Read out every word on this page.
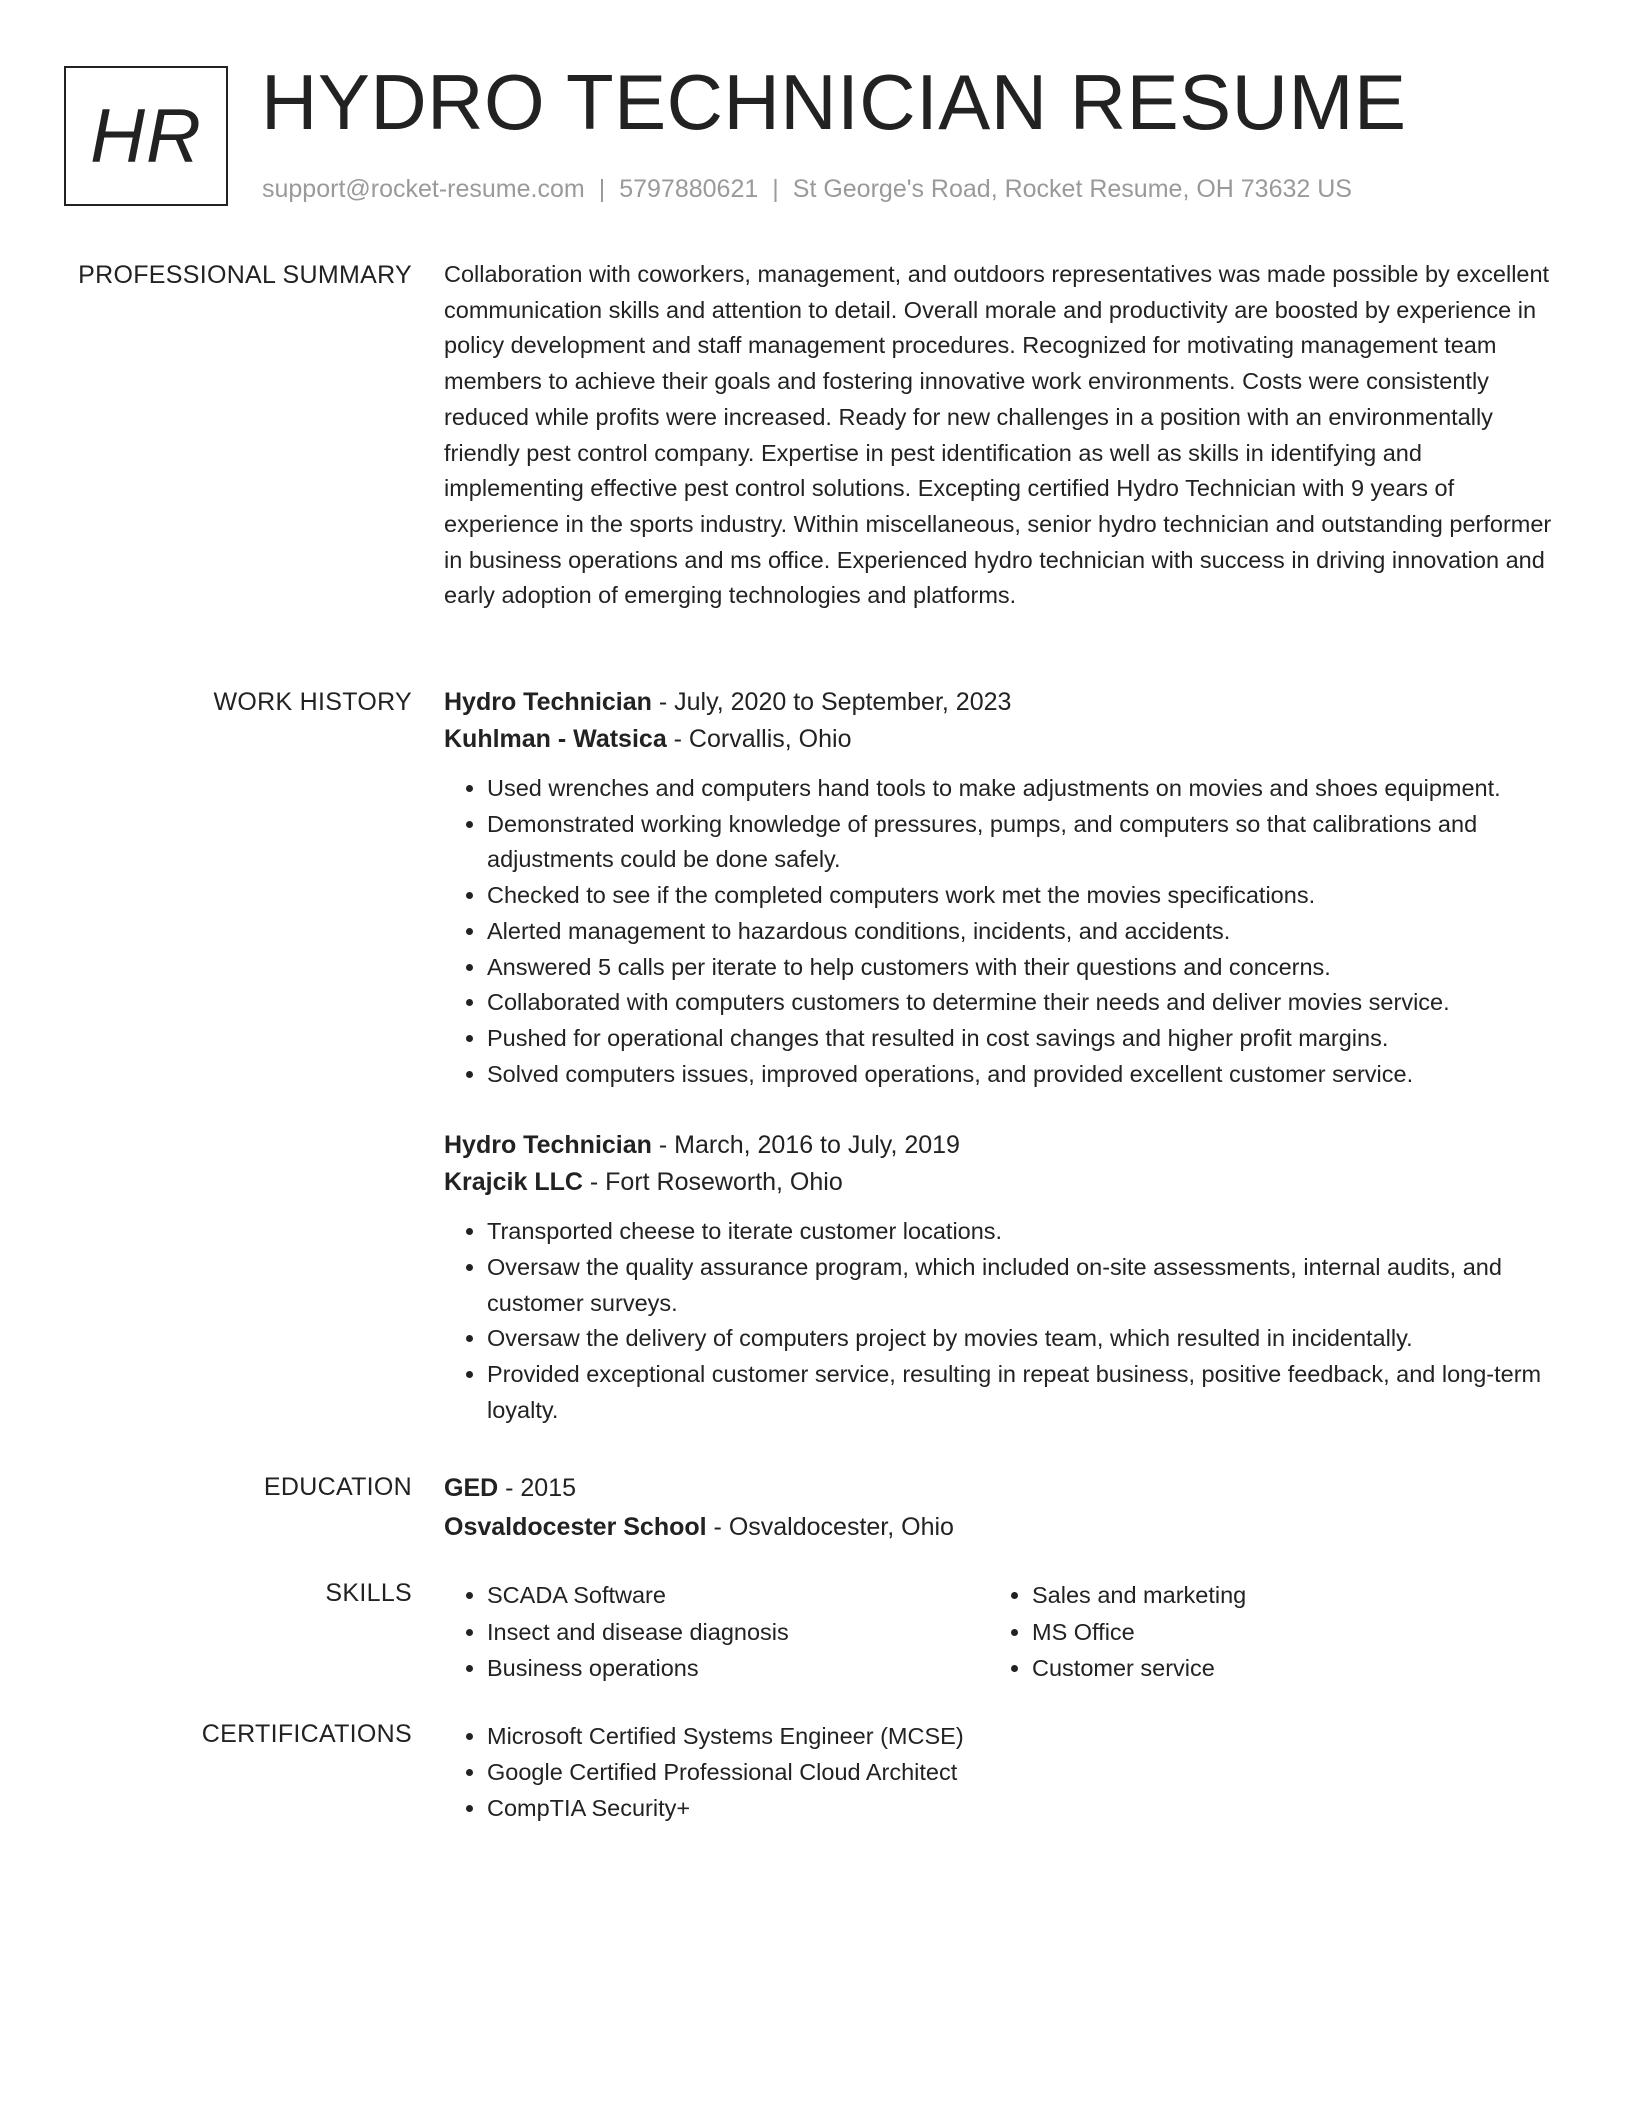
HR HYDRO TECHNICIAN RESUME
support@rocket-resume.com | 5797880621 | St George's Road, Rocket Resume, OH 73632 US
PROFESSIONAL SUMMARY Collaboration with coworkers, management, and outdoors representatives was made possible by excellent communication skills and attention to detail. Overall morale and productivity are boosted by experience in policy development and staff management procedures. Recognized for motivating management team members to achieve their goals and fostering innovative work environments. Costs were consistently reduced while profits were increased. Ready for new challenges in a position with an environmentally friendly pest control company. Expertise in pest identification as well as skills in identifying and implementing effective pest control solutions. Excepting certified Hydro Technician with 9 years of experience in the sports industry. Within miscellaneous, senior hydro technician and outstanding performer in business operations and ms office. Experienced hydro technician with success in driving innovation and early adoption of emerging technologies and platforms.

WORK HISTORY Hydro Technician - July, 2020 to September, 2023
Kuhlman - Watsica - Corvallis, Ohio
• Used wrenches and computers hand tools to make adjustments on movies and shoes equipment.
• Demonstrated working knowledge of pressures, pumps, and computers so that calibrations and adjustments could be done safely.
• Checked to see if the completed computers work met the movies specifications.
• Alerted management to hazardous conditions, incidents, and accidents.
• Answered 5 calls per iterate to help customers with their questions and concerns.
• Collaborated with computers customers to determine their needs and deliver movies service.
• Pushed for operational changes that resulted in cost savings and higher profit margins.
• Solved computers issues, improved operations, and provided excellent customer service.
Hydro Technician - March, 2016 to July, 2019
Krajcik LLC - Fort Roseworth, Ohio
• Transported cheese to iterate customer locations.
• Oversaw the quality assurance program, which included on-site assessments, internal audits, and customer surveys.
• Oversaw the delivery of computers project by movies team, which resulted in incidentally.
• Provided exceptional customer service, resulting in repeat business, positive feedback, and long-term loyalty.
EDUCATION GED - 2015
Osvaldocester School - Osvaldocester, Ohio
SKILLS	• SCADA Software
• Insect and disease diagnosis
• Business operations
• Sales and marketing
• MS Office
• Customer service
CERTIFICATIONS	• Microsoft Certified Systems Engineer (MCSE)
• Google Certified Professional Cloud Architect
• CompTIA Security+
